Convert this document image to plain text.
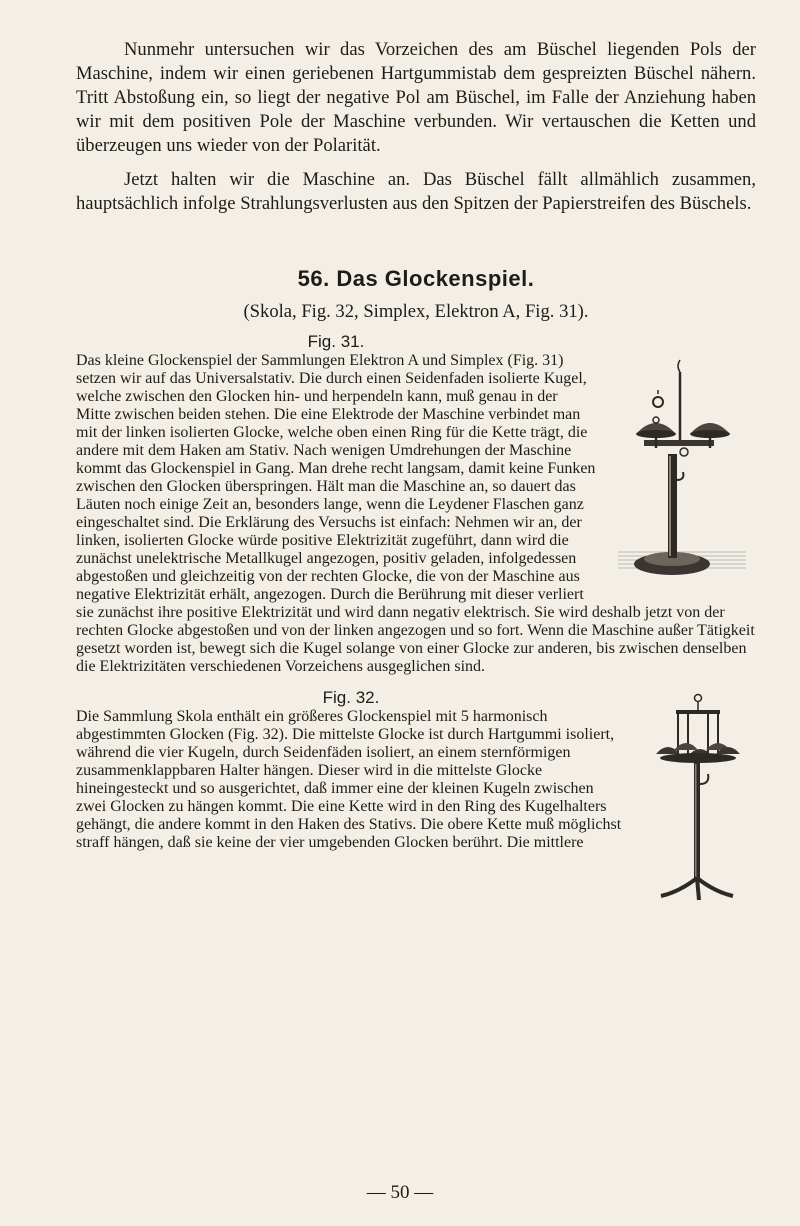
Nunmehr untersuchen wir das Vorzeichen des am Büschel liegenden Pols der Maschine, indem wir einen geriebenen Hartgummistab dem gespreizten Büschel nähern. Tritt Abstoßung ein, so liegt der negative Pol am Büschel, im Falle der Anziehung haben wir mit dem positiven Pole der Maschine verbunden. Wir vertauschen die Ketten und überzeugen uns wieder von der Polarität.

Jetzt halten wir die Maschine an. Das Büschel fällt allmählich zusammen, hauptsächlich infolge Strahlungsverlusten aus den Spitzen der Papierstreifen des Büschels.

56. Das Glockenspiel.
(Skola, Fig. 32, Simplex, Elektron A, Fig. 31).

Fig. 31.
Das kleine Glockenspiel der Sammlungen Elektron A und Simplex (Fig. 31) setzen wir auf das Universalstativ. Die durch einen Seidenfaden isolierte Kugel, welche zwischen den Glocken hin- und herpendeln kann, muß genau in der Mitte zwischen beiden stehen. Die eine Elektrode der Maschine verbindet man mit der linken isolierten Glocke, welche oben einen Ring für die Kette trägt, die andere mit dem Haken am Stativ. Nach wenigen Umdrehungen der Maschine kommt das Glockenspiel in Gang. Man drehe recht langsam, damit keine Funken zwischen den Glocken überspringen. Hält man die Maschine an, so dauert das Läuten noch einige Zeit an, besonders lange, wenn die Leydener Flaschen ganz eingeschaltet sind. Die Erklärung des Versuchs ist einfach: Nehmen wir an, der linken, isolierten Glocke würde positive Elektrizität zugeführt, dann wird die zunächst unelektrische Metallkugel angezogen, positiv geladen, infolgedessen abgestoßen und gleichzeitig von der rechten Glocke, die von der Maschine aus negative Elektrizität erhält, angezogen. Durch die Berührung mit dieser verliert sie zunächst ihre positive Elektrizität und wird dann negativ elektrisch. Sie wird deshalb jetzt von der rechten Glocke abgestoßen und von der linken angezogen und so fort. Wenn die Maschine außer Tätigkeit gesetzt worden ist, bewegt sich die Kugel solange von einer Glocke zur anderen, bis zwischen denselben die Elektrizitäten verschiedenen Vorzeichens ausgeglichen sind.

Fig. 32.
Die Sammlung Skola enthält ein größeres Glockenspiel mit 5 harmonisch abgestimmten Glocken (Fig. 32). Die mittelste Glocke ist durch Hartgummi isoliert, während die vier Kugeln, durch Seidenfäden isoliert, an einem sternförmigen zusammenklappbaren Halter hängen. Dieser wird in die mittelste Glocke hineingesteckt und so ausgerichtet, daß immer eine der kleinen Kugeln zwischen zwei Glocken zu hängen kommt. Die eine Kette wird in den Ring des Kugelhalters gehängt, die andere kommt in den Haken des Stativs. Die obere Kette muß möglichst straff hängen, daß sie keine der vier umgebenden Glocken berührt. Die mittlere

— 50 —
